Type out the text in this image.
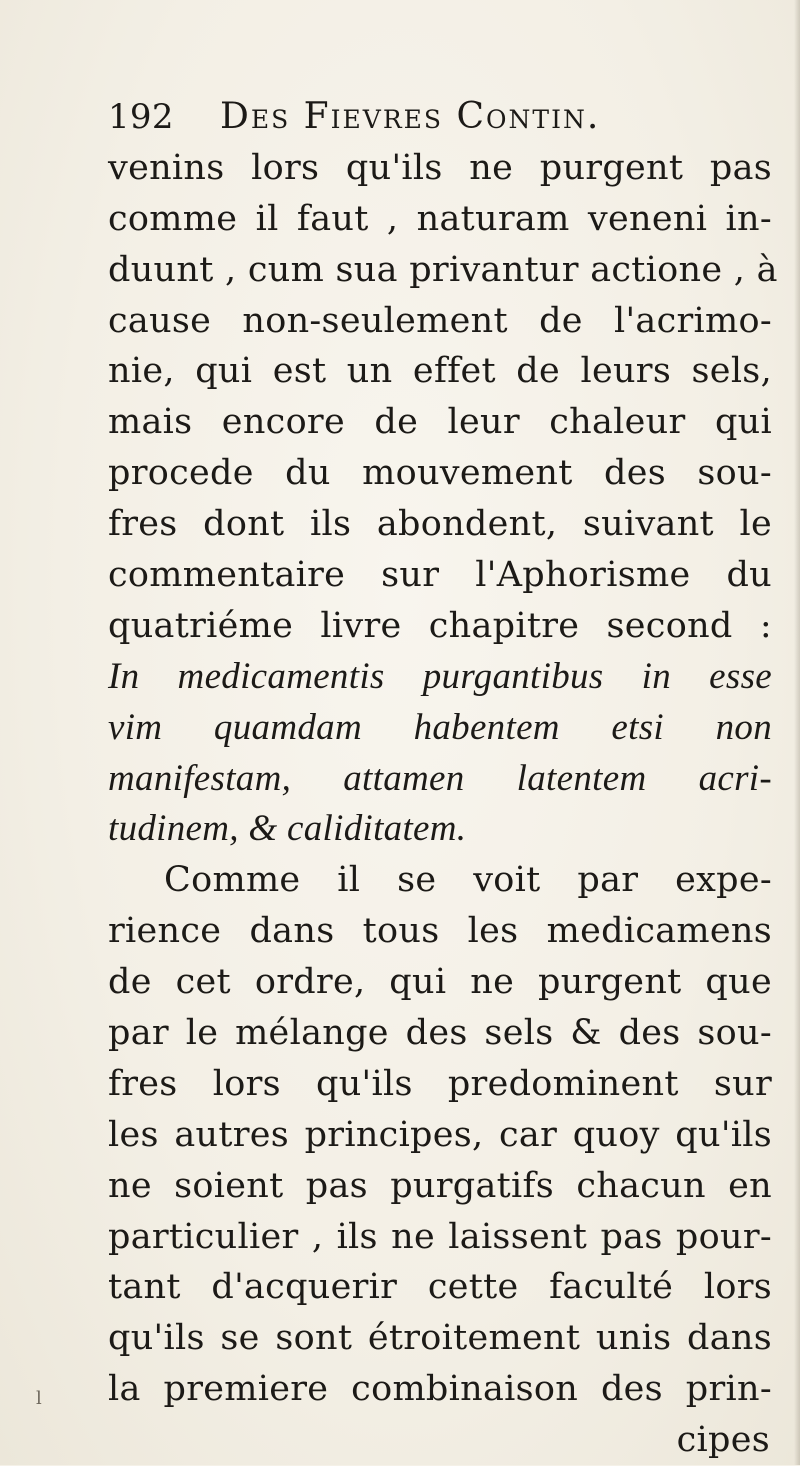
192	Des Fievres Contin.
venins lors qu'ils ne purgent pas
comme il faut , naturam veneni in-
duunt , cum sua privantur actione , à
cause non-seulement de l'acrimo-
nie, qui est un effet de leurs sels,
mais encore de leur chaleur qui
procede du mouvement des sou-
fres dont ils abondent, suivant le
commentaire sur l'Aphorisme du
quatriéme livre chapitre second :
In medicamentis purgantibus in esse
vim quamdam habentem etsi non
manifestam, attamen latentem acri-
tudinem, & caliditatem.
Comme il se voit par expe-
rience dans tous les medicamens
de cet ordre, qui ne purgent que
par le mélange des sels & des sou-
fres lors qu'ils predominent sur
les autres principes, car quoy qu'ils
ne soient pas purgatifs chacun en
particulier , ils ne laissent pas pour-
tant d'acquerir cette faculté lors
qu'ils se sont étroitement unis dans
la premiere combinaison des prin-
cipes
l
